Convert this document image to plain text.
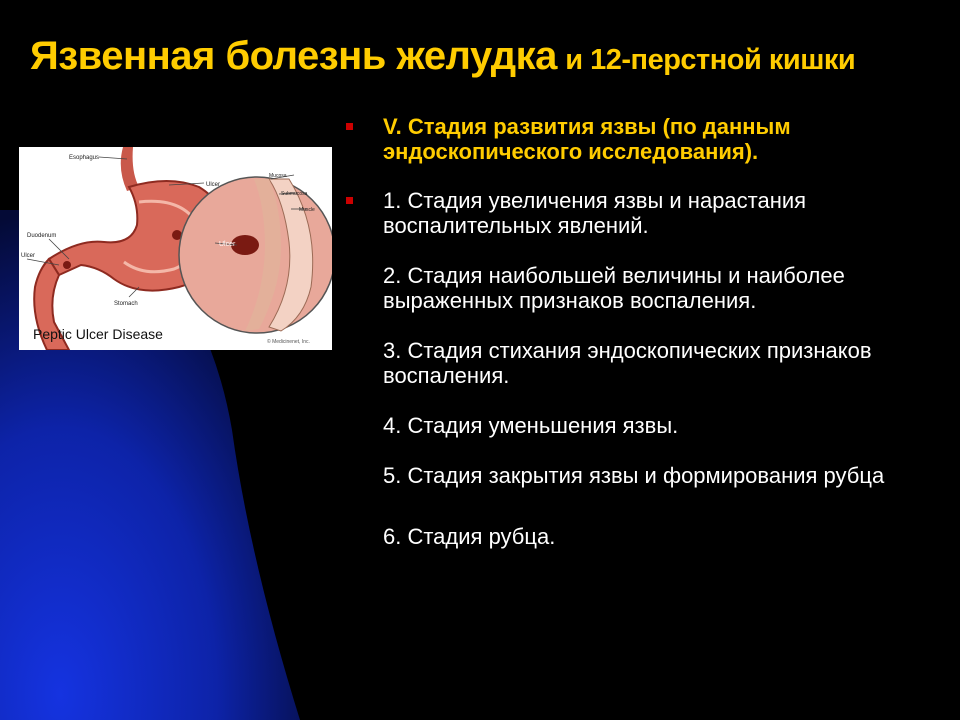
Язвенная болезнь желудка и 12-перстной кишки
Esophagus
Ulcer
Mucosa
Submucosa
Muscle
Duodenum
Ulcer
Ulcer
Stomach
Peptic Ulcer Disease	© Medicinenet, Inc.
V. Стадия развития язвы (по данным эндоскопического исследования).
1. Стадия увеличения язвы и нарастания воспалительных явлений.
2. Стадия наибольшей величины и наиболее выраженных признаков воспаления.
3. Стадия стихания эндоскопических признаков воспаления.
4. Стадия уменьшения язвы.
5. Стадия закрытия язвы и формирования рубца
6. Стадия рубца.
